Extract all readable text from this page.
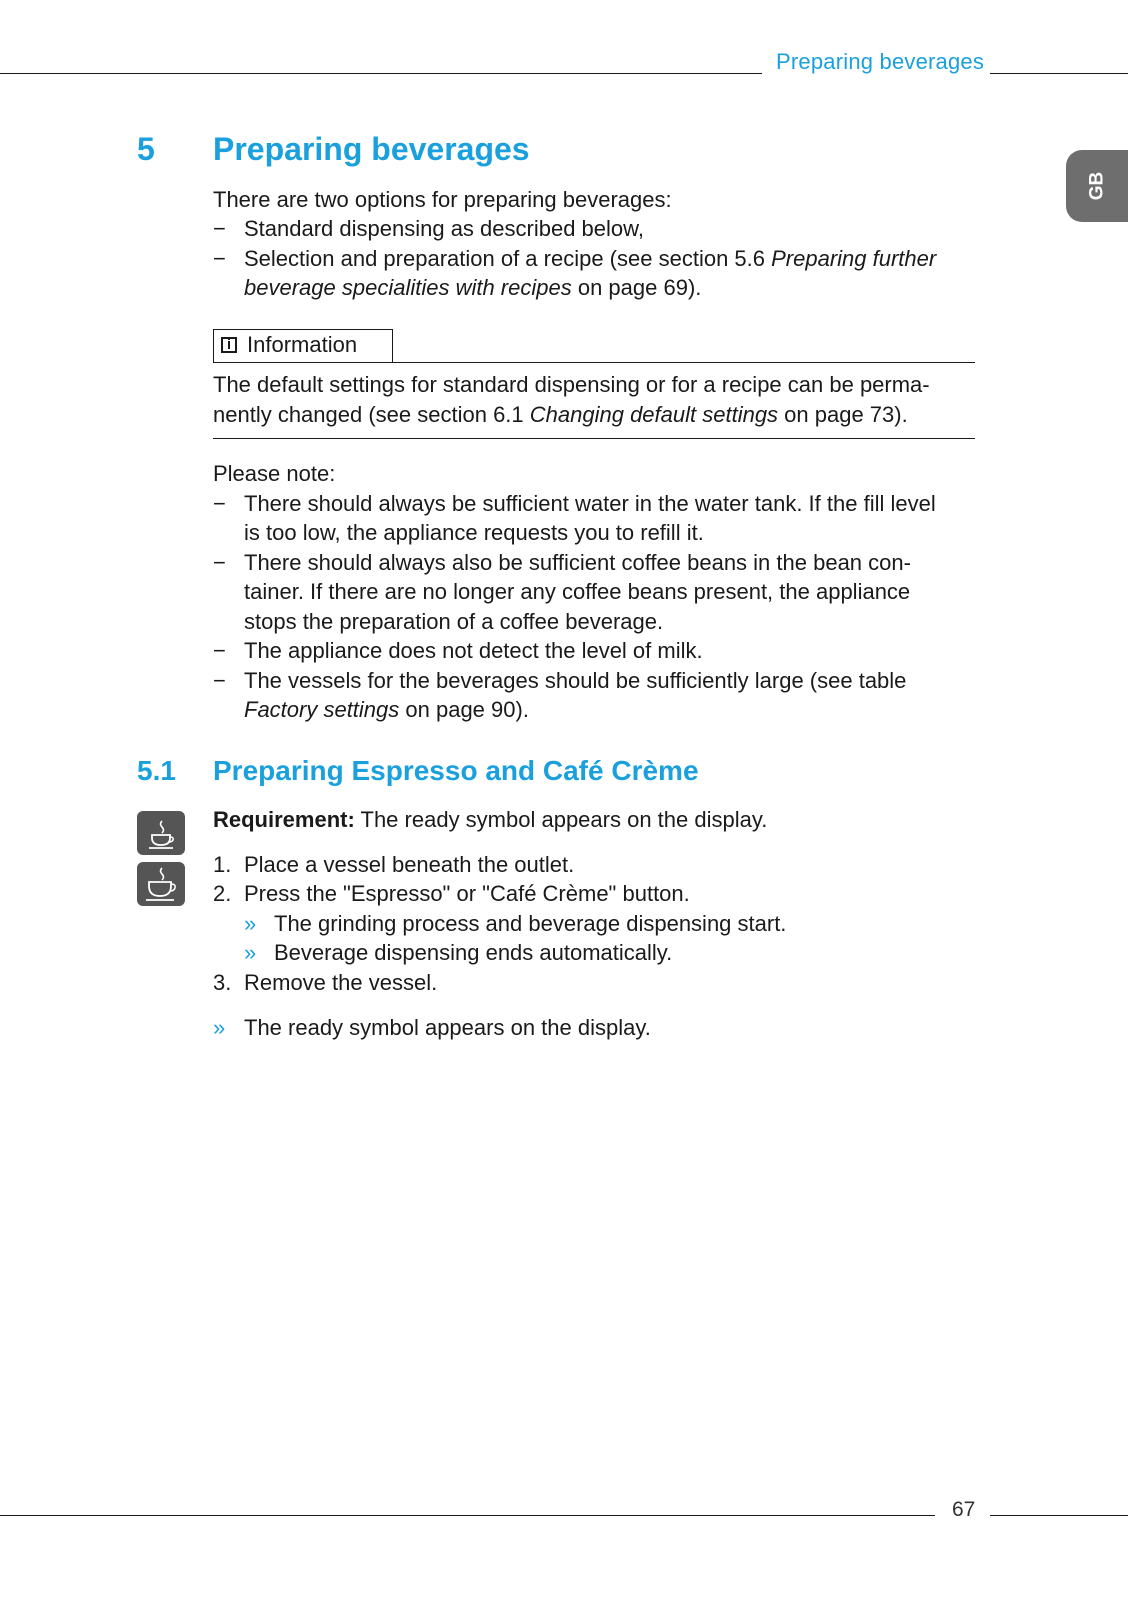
Preparing beverages
GB
5 Preparing beverages
There are two options for preparing beverages:
− Standard dispensing as described below,
− Selection and preparation of a recipe (see section 5.6 Preparing further
beverage specialities with recipes on page 69).
Information
The default settings for standard dispensing or for a recipe can be perma-
nently changed (see section 6.1 Changing default settings on page 73).
Please note:
− There should always be sufficient water in the water tank. If the fill level
is too low, the appliance requests you to refill it.
− There should always also be sufficient coffee beans in the bean con-
tainer. If there are no longer any coffee beans present, the appliance
stops the preparation of a coffee beverage.
− The appliance does not detect the level of milk.
− The vessels for the beverages should be sufficiently large (see table
Factory settings on page 90).
5.1 Preparing Espresso and Café Crème
Requirement: The ready symbol appears on the display.
1. Place a vessel beneath the outlet.
2. Press the "Espresso" or "Café Crème" button.
» The grinding process and beverage dispensing start.
» Beverage dispensing ends automatically.
3. Remove the vessel.
» The ready symbol appears on the display.
67
